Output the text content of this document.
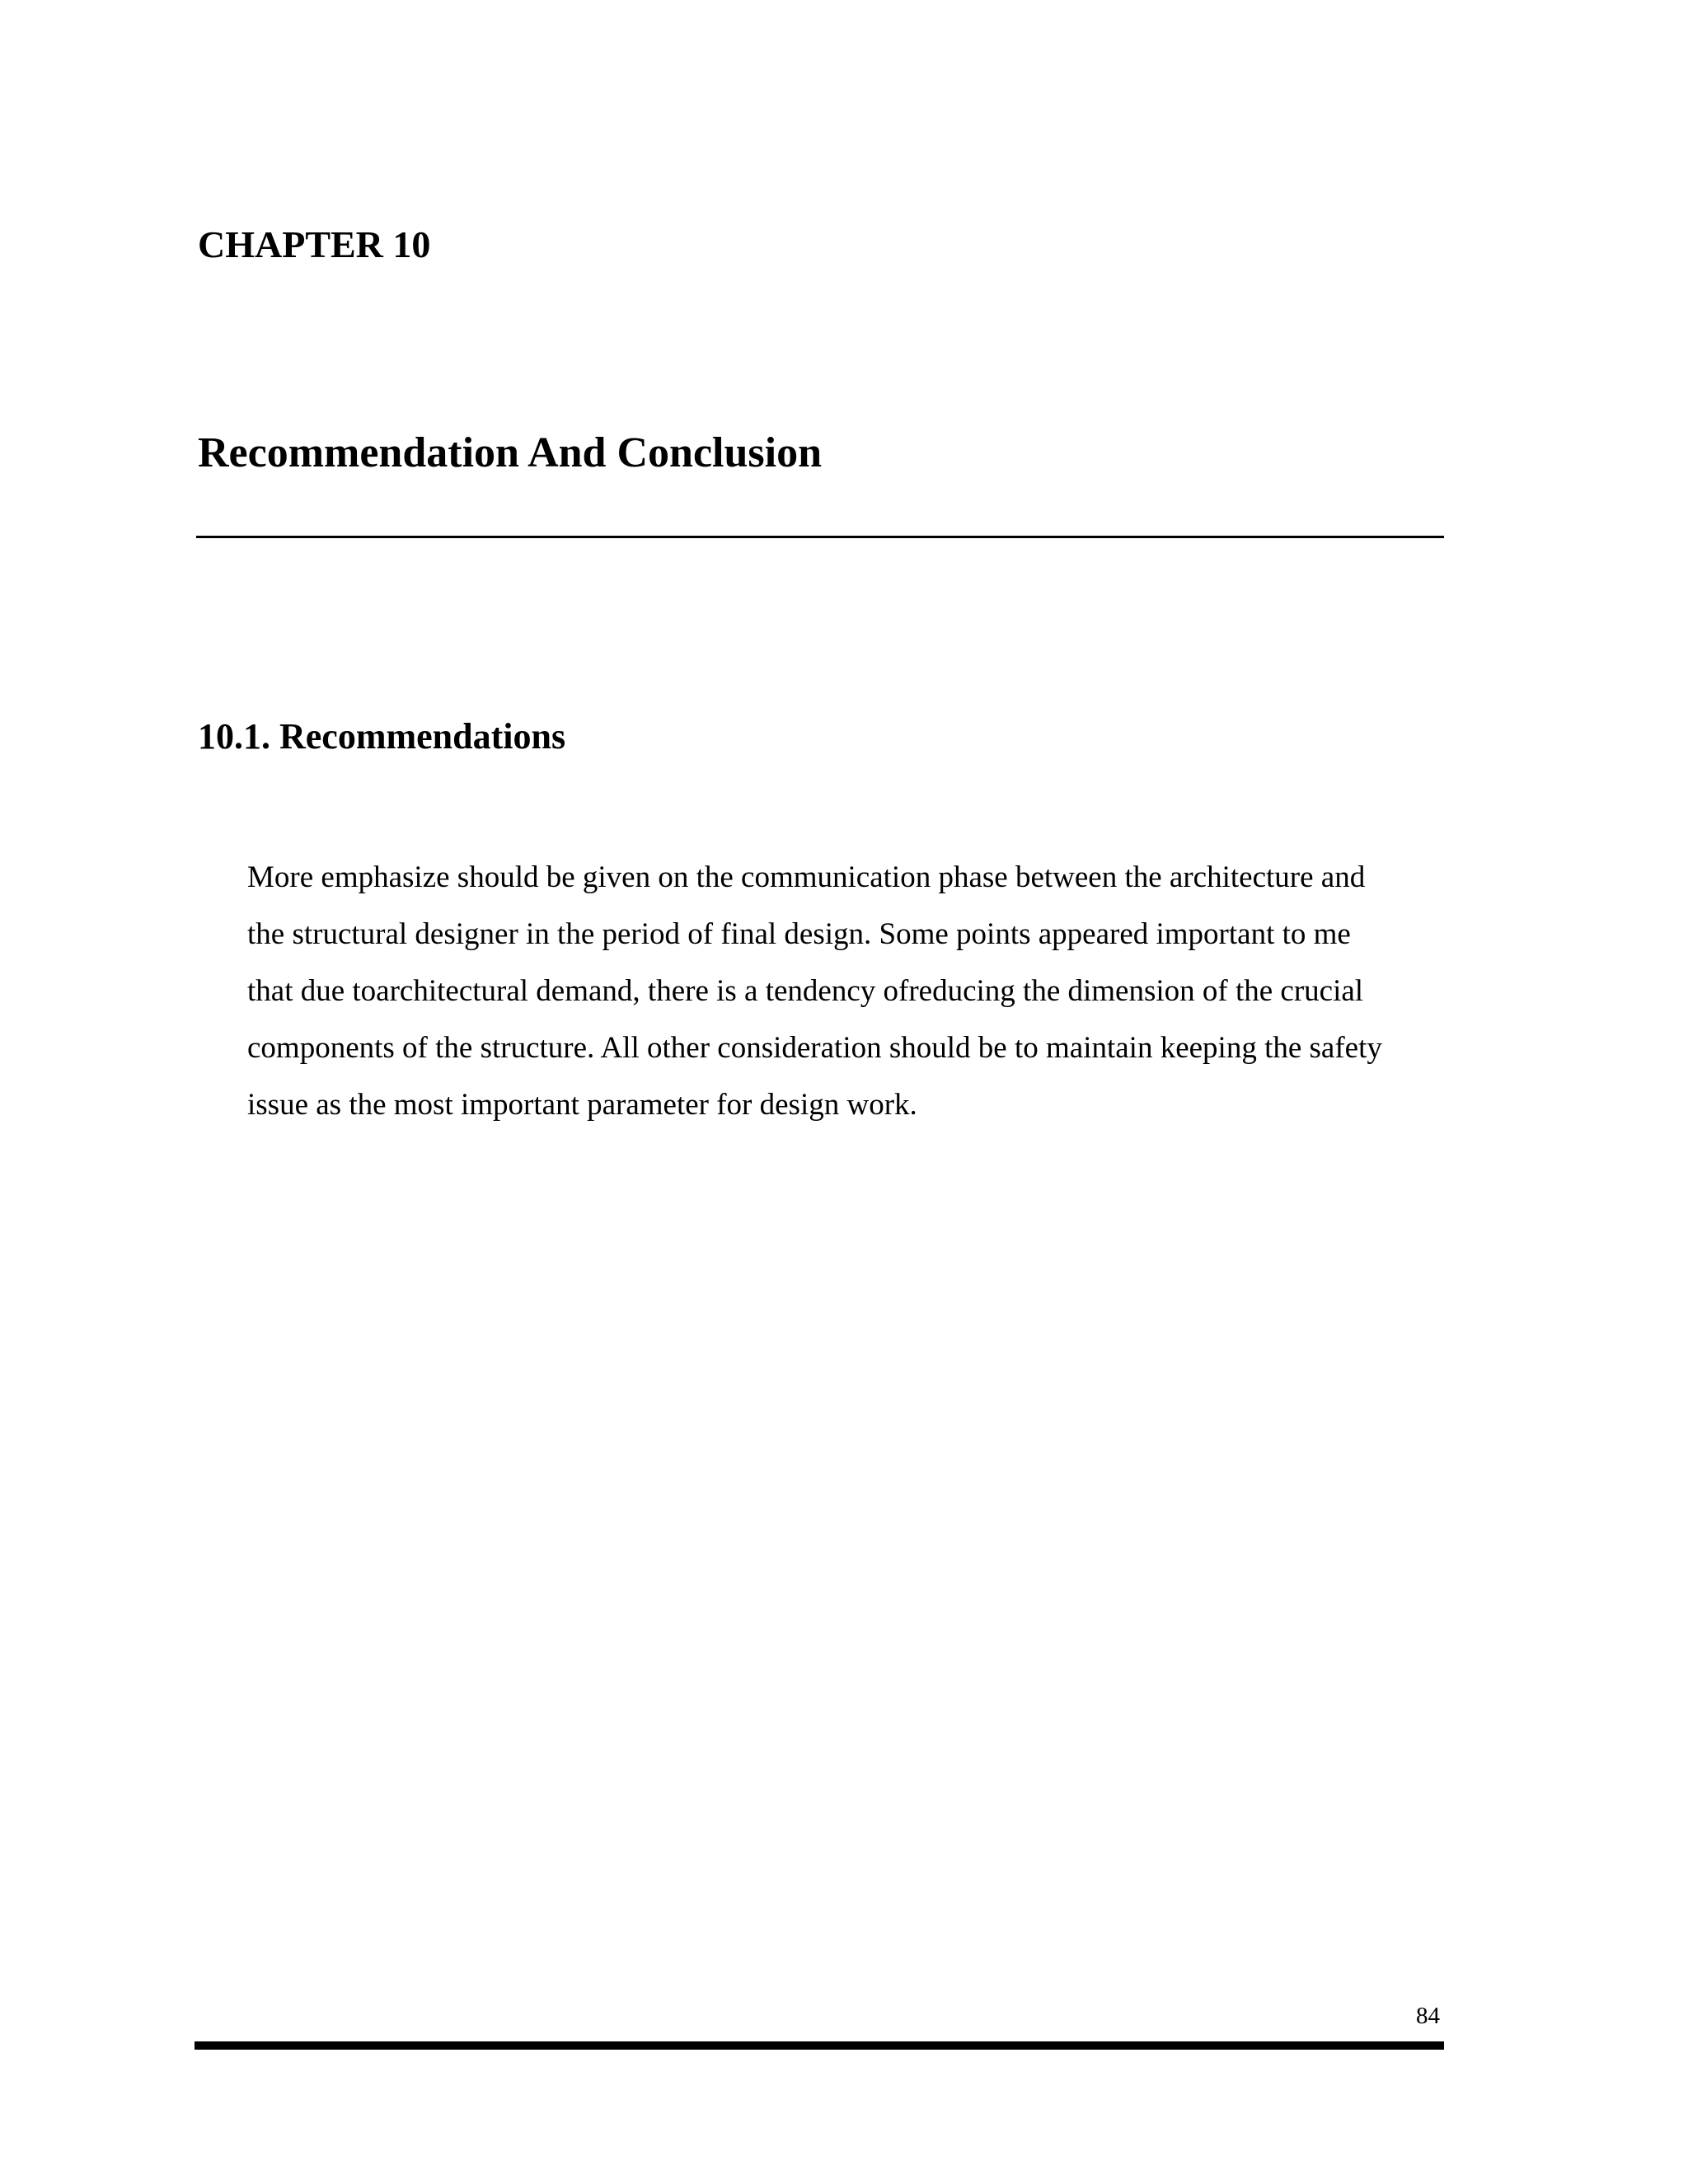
CHAPTER 10
Recommendation And Conclusion
10.1. Recommendations
More emphasize should be given on the communication phase between the architecture and
the structural designer in the period of final design. Some points appeared important to me
that due toarchitectural demand, there is a tendency ofreducing the dimension of the crucial
components of the structure. All other consideration should be to maintain keeping the safety
issue as the most important parameter for design work.
84
